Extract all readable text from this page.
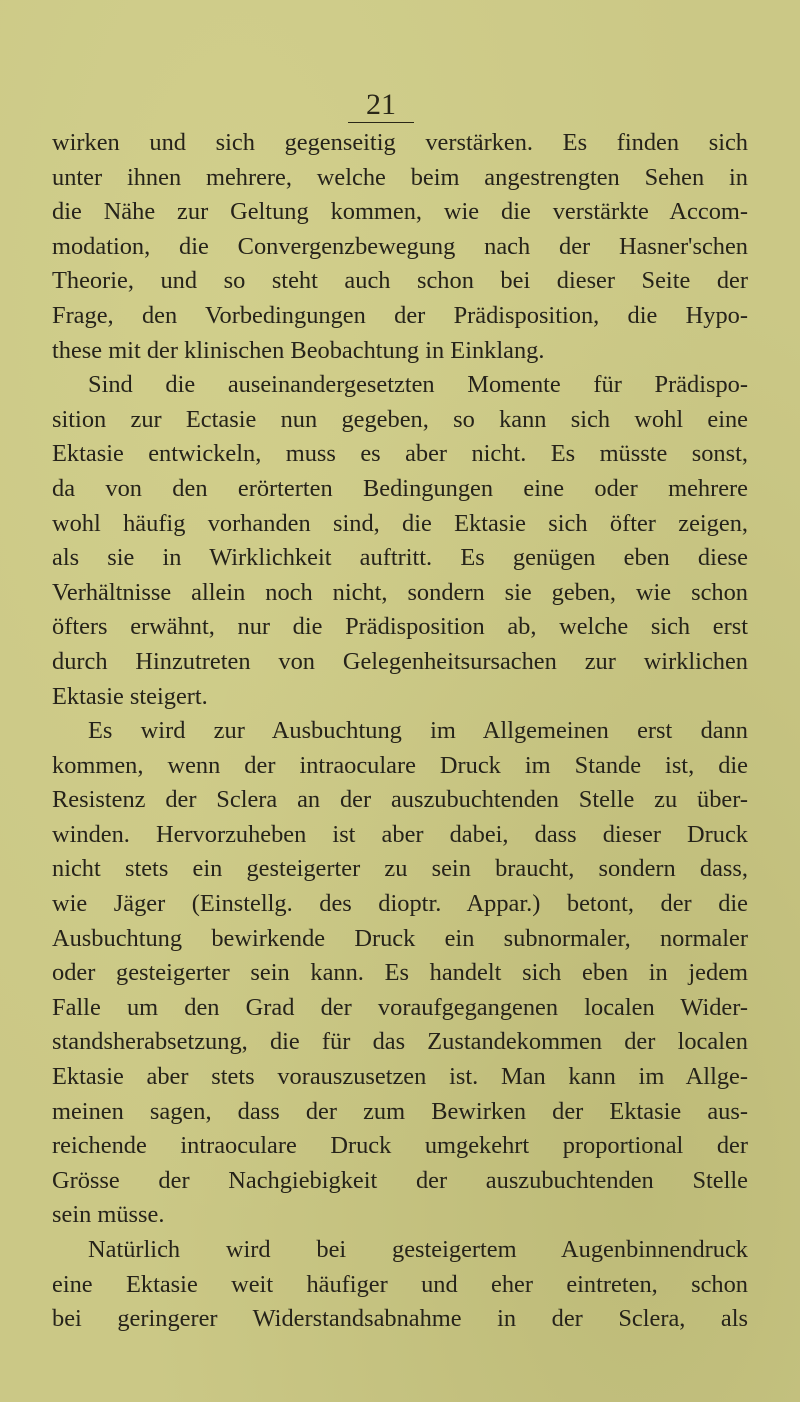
21
wirken und sich gegenseitig verstärken. Es finden sich
unter ihnen mehrere, welche beim angestrengten Sehen in
die Nähe zur Geltung kommen, wie die verstärkte Accom-
modation, die Convergenzbewegung nach der Hasner'schen
Theorie, und so steht auch schon bei dieser Seite der
Frage, den Vorbedingungen der Prädisposition, die Hypo-
these mit der klinischen Beobachtung in Einklang.
Sind die auseinandergesetzten Momente für Prädispo-
sition zur Ectasie nun gegeben, so kann sich wohl eine
Ektasie entwickeln, muss es aber nicht. Es müsste sonst,
da von den erörterten Bedingungen eine oder mehrere
wohl häufig vorhanden sind, die Ektasie sich öfter zeigen,
als sie in Wirklichkeit auftritt. Es genügen eben diese
Verhältnisse allein noch nicht, sondern sie geben, wie schon
öfters erwähnt, nur die Prädisposition ab, welche sich erst
durch Hinzutreten von Gelegenheitsursachen zur wirklichen
Ektasie steigert.
Es wird zur Ausbuchtung im Allgemeinen erst dann
kommen, wenn der intraoculare Druck im Stande ist, die
Resistenz der Sclera an der auszubuchtenden Stelle zu über-
winden. Hervorzuheben ist aber dabei, dass dieser Druck
nicht stets ein gesteigerter zu sein braucht, sondern dass,
wie Jäger (Einstellg. des dioptr. Appar.) betont, der die
Ausbuchtung bewirkende Druck ein subnormaler, normaler
oder gesteigerter sein kann. Es handelt sich eben in jedem
Falle um den Grad der voraufgegangenen localen Wider-
standsherabsetzung, die für das Zustandekommen der localen
Ektasie aber stets vorauszusetzen ist. Man kann im Allge-
meinen sagen, dass der zum Bewirken der Ektasie aus-
reichende intraoculare Druck umgekehrt proportional der
Grösse der Nachgiebigkeit der auszubuchtenden Stelle
sein müsse.
Natürlich wird bei gesteigertem Augenbinnendruck
eine Ektasie weit häufiger und eher eintreten, schon
bei geringerer Widerstandsabnahme in der Sclera, als
